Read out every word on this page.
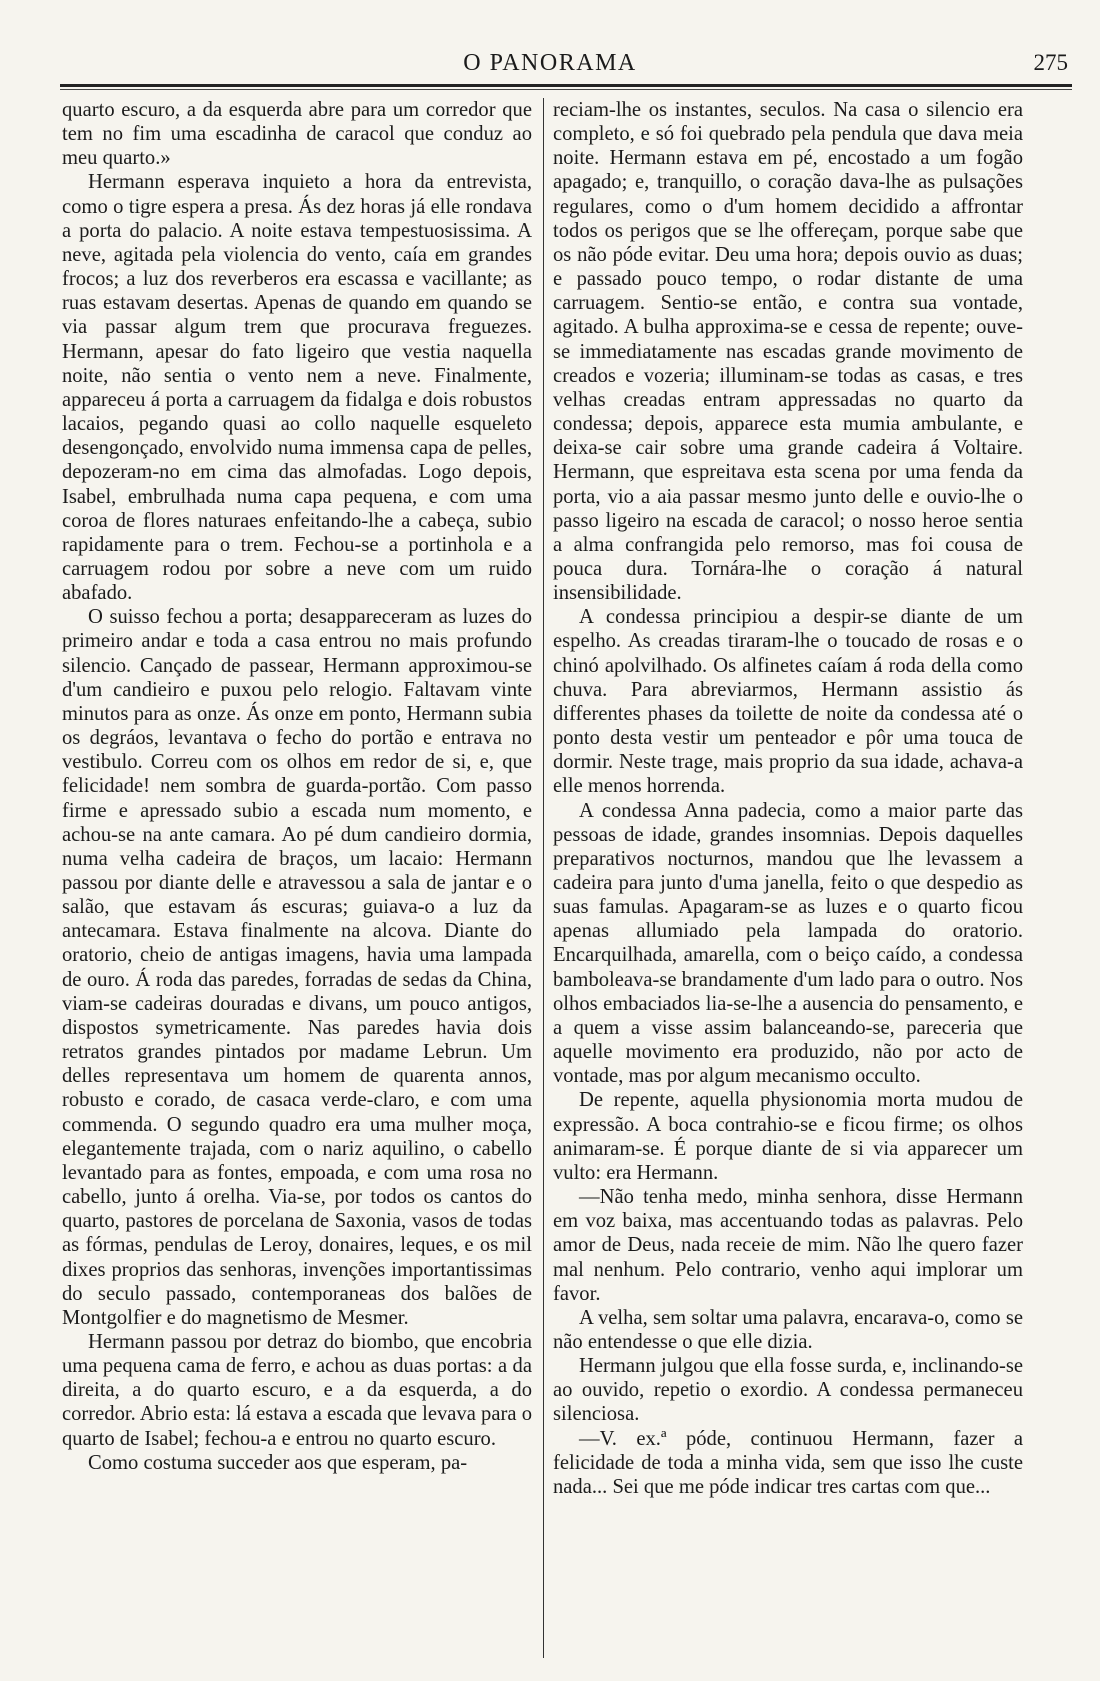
O PANORAMA	275

quarto escuro, a da esquerda abre para um corredor que tem no fim uma escadinha de caracol que conduz ao meu quarto.»

Hermann esperava inquieto a hora da entrevista, como o tigre espera a presa. Ás dez horas já elle rondava a porta do palacio. A noite estava tempestuosissima. A neve, agitada pela violencia do vento, caía em grandes frocos; a luz dos reverberos era escassa e vacillante; as ruas estavam desertas. Apenas de quando em quando se via passar algum trem que procurava freguezes. Hermann, apesar do fato ligeiro que vestia naquella noite, não sentia o vento nem a neve. Finalmente, appareceu á porta a carruagem da fidalga e dois robustos lacaios, pegando quasi ao collo naquelle esqueleto desengonçado, envolvido numa immensa capa de pelles, depozeram-no em cima das almofadas. Logo depois, Isabel, embrulhada numa capa pequena, e com uma coroa de flores naturaes enfeitando-lhe a cabeça, subio rapidamente para o trem. Fechou-se a portinhola e a carruagem rodou por sobre a neve com um ruido abafado.

O suisso fechou a porta; desappareceram as luzes do primeiro andar e toda a casa entrou no mais profundo silencio. Cançado de passear, Hermann approximou-se d'um candieiro e puxou pelo relogio. Faltavam vinte minutos para as onze. Ás onze em ponto, Hermann subia os degráos, levantava o fecho do portão e entrava no vestibulo. Correu com os olhos em redor de si, e, que felicidade! nem sombra de guarda-portão. Com passo firme e apressado subio a escada num momento, e achou-se na ante camara. Ao pé dum candieiro dormia, numa velha cadeira de braços, um lacaio: Hermann passou por diante delle e atravessou a sala de jantar e o salão, que estavam ás escuras; guiava-o a luz da antecamara. Estava finalmente na alcova. Diante do oratorio, cheio de antigas imagens, havia uma lampada de ouro. Á roda das paredes, forradas de sedas da China, viam-se cadeiras douradas e divans, um pouco antigos, dispostos symetricamente. Nas paredes havia dois retratos grandes pintados por madame Lebrun. Um delles representava um homem de quarenta annos, robusto e corado, de casaca verde-claro, e com uma commenda. O segundo quadro era uma mulher moça, elegantemente trajada, com o nariz aquilino, o cabello levantado para as fontes, empoada, e com uma rosa no cabello, junto á orelha. Via-se, por todos os cantos do quarto, pastores de porcelana de Saxonia, vasos de todas as fórmas, pendulas de Leroy, donaires, leques, e os mil dixes proprios das senhoras, invenções importantissimas do seculo passado, contemporaneas dos balões de Montgolfier e do magnetismo de Mesmer.

Hermann passou por detraz do biombo, que encobria uma pequena cama de ferro, e achou as duas portas: a da direita, a do quarto escuro, e a da esquerda, a do corredor. Abrio esta: lá estava a escada que levava para o quarto de Isabel; fechou-a e entrou no quarto escuro.

Como costuma succeder aos que esperam, pa-

reciam-lhe os instantes, seculos. Na casa o silencio era completo, e só foi quebrado pela pendula que dava meia noite. Hermann estava em pé, encostado a um fogão apagado; e, tranquillo, o coração dava-lhe as pulsações regulares, como o d'um homem decidido a affrontar todos os perigos que se lhe offereçam, porque sabe que os não póde evitar. Deu uma hora; depois ouvio as duas; e passado pouco tempo, o rodar distante de uma carruagem. Sentio-se então, e contra sua vontade, agitado. A bulha approxima-se e cessa de repente; ouve-se immediatamente nas escadas grande movimento de creados e vozeria; illuminam-se todas as casas, e tres velhas creadas entram appressadas no quarto da condessa; depois, apparece esta mumia ambulante, e deixa-se cair sobre uma grande cadeira á Voltaire. Hermann, que espreitava esta scena por uma fenda da porta, vio a aia passar mesmo junto delle e ouvio-lhe o passo ligeiro na escada de caracol; o nosso heroe sentia a alma confrangida pelo remorso, mas foi cousa de pouca dura. Tornára-lhe o coração á natural insensibilidade.

A condessa principiou a despir-se diante de um espelho. As creadas tiraram-lhe o toucado de rosas e o chinó apolvilhado. Os alfinetes caíam á roda della como chuva. Para abreviarmos, Hermann assistio ás differentes phases da toilette de noite da condessa até o ponto desta vestir um penteador e pôr uma touca de dormir. Neste trage, mais proprio da sua idade, achava-a elle menos horrenda.

A condessa Anna padecia, como a maior parte das pessoas de idade, grandes insomnias. Depois daquelles preparativos nocturnos, mandou que lhe levassem a cadeira para junto d'uma janella, feito o que despedio as suas famulas. Apagaram-se as luzes e o quarto ficou apenas allumiado pela lampada do oratorio. Encarquilhada, amarella, com o beiço caído, a condessa bamboleava-se brandamente d'um lado para o outro. Nos olhos embaciados lia-se-lhe a ausencia do pensamento, e a quem a visse assim balanceando-se, pareceria que aquelle movimento era produzido, não por acto de vontade, mas por algum mecanismo occulto.

De repente, aquella physionomia morta mudou de expressão. A boca contrahio-se e ficou firme; os olhos animaram-se. É porque diante de si via apparecer um vulto: era Hermann.

—Não tenha medo, minha senhora, disse Hermann em voz baixa, mas accentuando todas as palavras. Pelo amor de Deus, nada receie de mim. Não lhe quero fazer mal nenhum. Pelo contrario, venho aqui implorar um favor.

A velha, sem soltar uma palavra, encarava-o, como se não entendesse o que elle dizia.

Hermann julgou que ella fosse surda, e, inclinando-se ao ouvido, repetio o exordio. A condessa permaneceu silenciosa.

—V. ex.ª póde, continuou Hermann, fazer a felicidade de toda a minha vida, sem que isso lhe custe nada... Sei que me póde indicar tres cartas com que...
